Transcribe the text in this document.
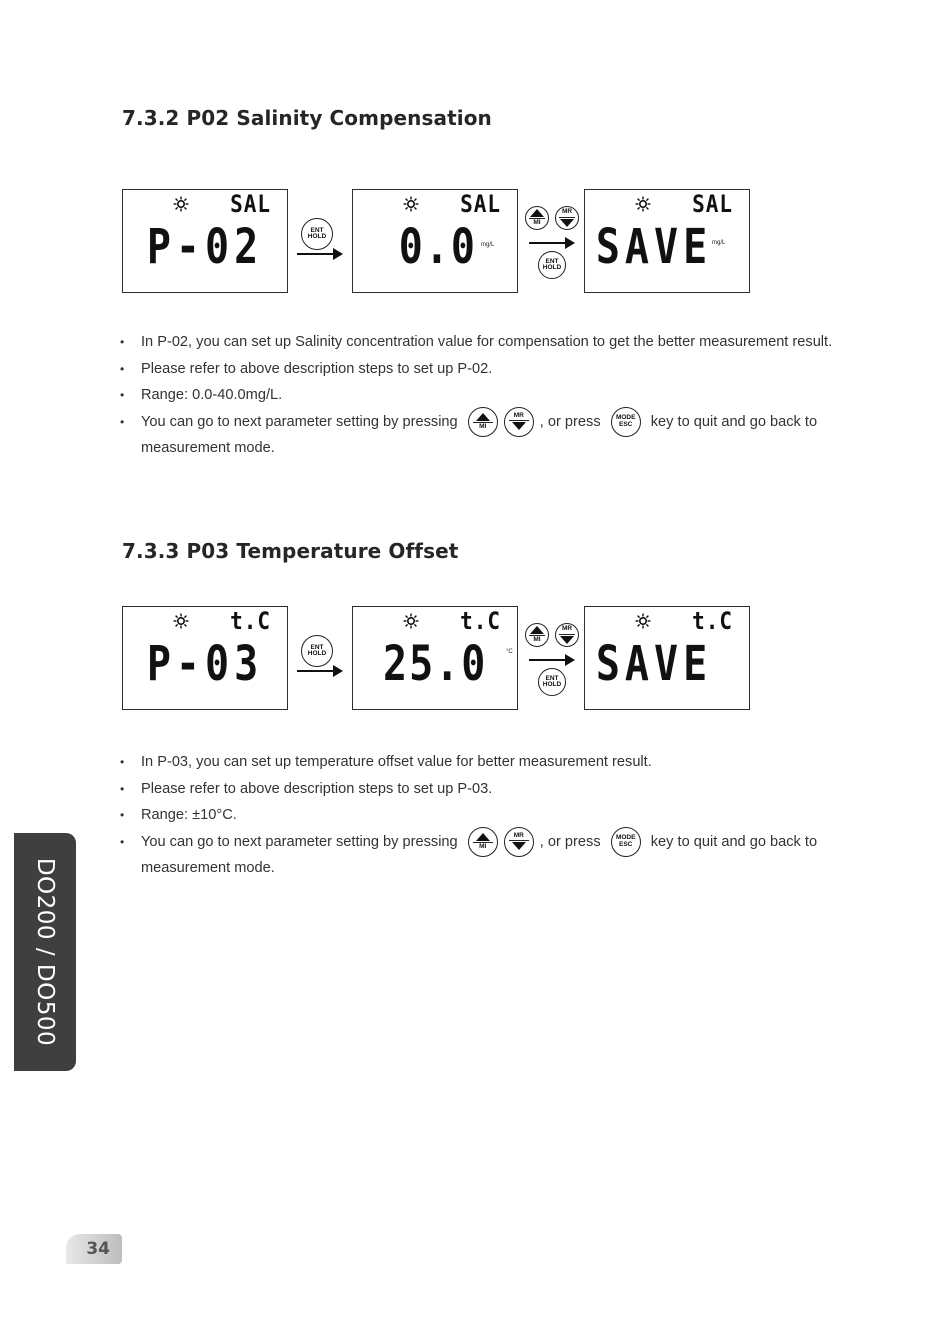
7.3.2 P02 Salinity Compensation
SAL
P-02	ENT
HOLD
SAL
0.0 mg/L
MI
MR
ENT
HOLD
SAL
SAVE mg/L
• In P-02, you can set up Salinity concentration value for compensation to get the better measurement result.
• Please refer to above description steps to set up P-02.
• Range: 0.0-40.0mg/L.
• You can go to next parameter setting by pressing	MI

MR , or press MODE
ESC key to quit and go back to measurement mode.
7.3.3 P03 Temperature Offset
t.C
P-03	ENT
HOLD
t.C
25.0	°C
MI
MR
ENT
HOLD
t.C
SAVE
• In P-03, you can set up temperature offset value for better measurement result.
• Please refer to above description steps to set up P-03.
• Range: ±10°C.
• You can go to next parameter setting by pressing	MI

MR , or press MODE
ESC key to quit and go back to measurement mode.
DO200 / DO500
34
